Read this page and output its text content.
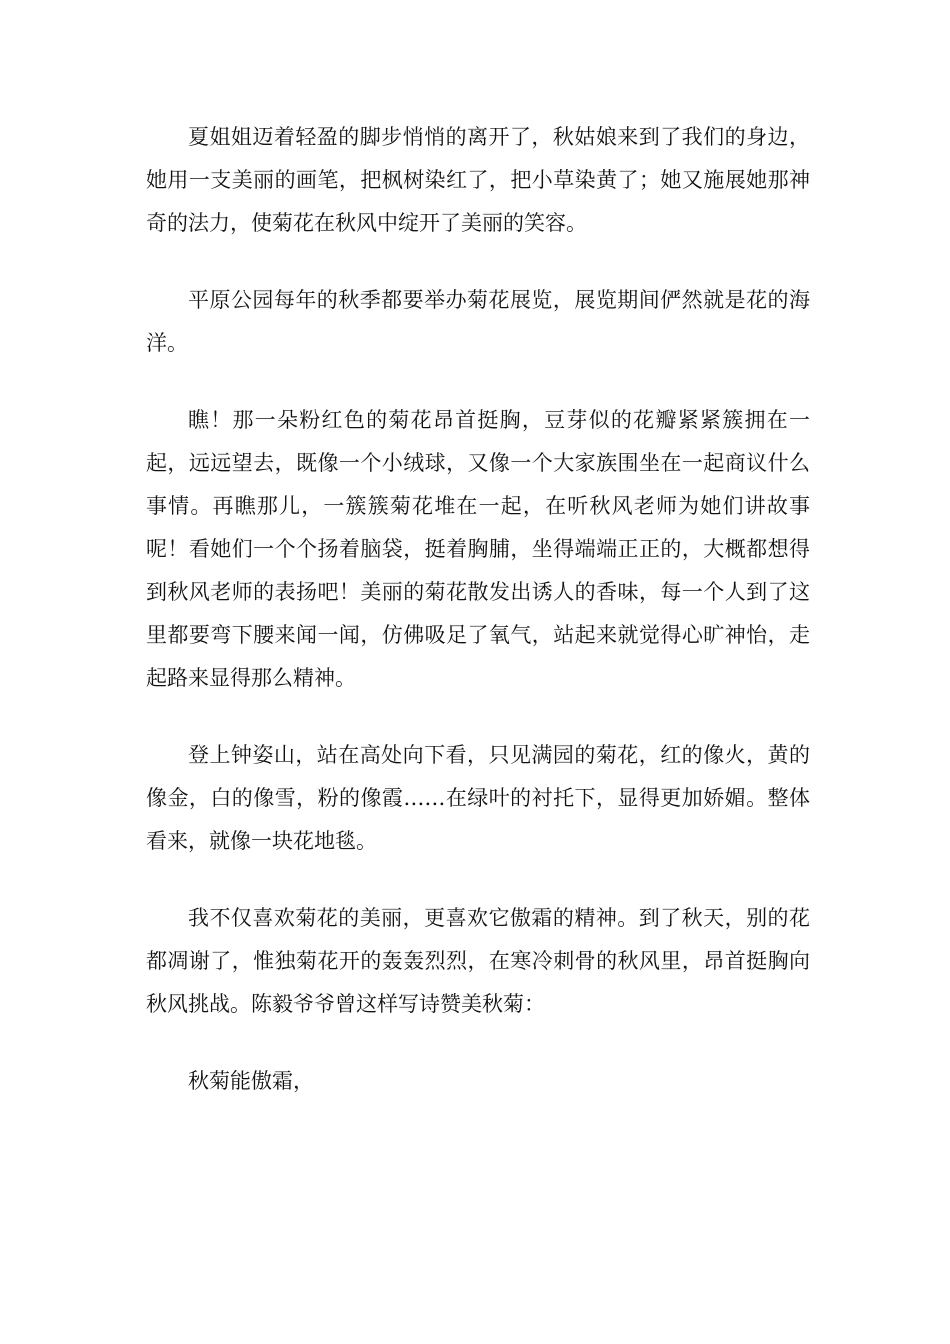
夏姐姐迈着轻盈的脚步悄悄的离开了，秋姑娘来到了我们的身边，她用一支美丽的画笔，把枫树染红了，把小草染黄了；她又施展她那神奇的法力，使菊花在秋风中绽开了美丽的笑容。

平原公园每年的秋季都要举办菊花展览，展览期间俨然就是花的海洋。

瞧！那一朵粉红色的菊花昂首挺胸，豆芽似的花瓣紧紧簇拥在一起，远远望去，既像一个小绒球，又像一个大家族围坐在一起商议什么事情。再瞧那儿，一簇簇菊花堆在一起，在听秋风老师为她们讲故事呢！看她们一个个扬着脑袋，挺着胸脯，坐得端端正正的，大概都想得到秋风老师的表扬吧！美丽的菊花散发出诱人的香味，每一个人到了这里都要弯下腰来闻一闻，仿佛吸足了氧气，站起来就觉得心旷神怡，走起路来显得那么精神。

登上钟姿山，站在高处向下看，只见满园的菊花，红的像火，黄的像金，白的像雪，粉的像霞……在绿叶的衬托下，显得更加娇媚。整体看来，就像一块花地毯。

我不仅喜欢菊花的美丽，更喜欢它傲霜的精神。到了秋天，别的花都凋谢了，惟独菊花开的轰轰烈烈，在寒冷刺骨的秋风里，昂首挺胸向秋风挑战。陈毅爷爷曾这样写诗赞美秋菊：

秋菊能傲霜，
